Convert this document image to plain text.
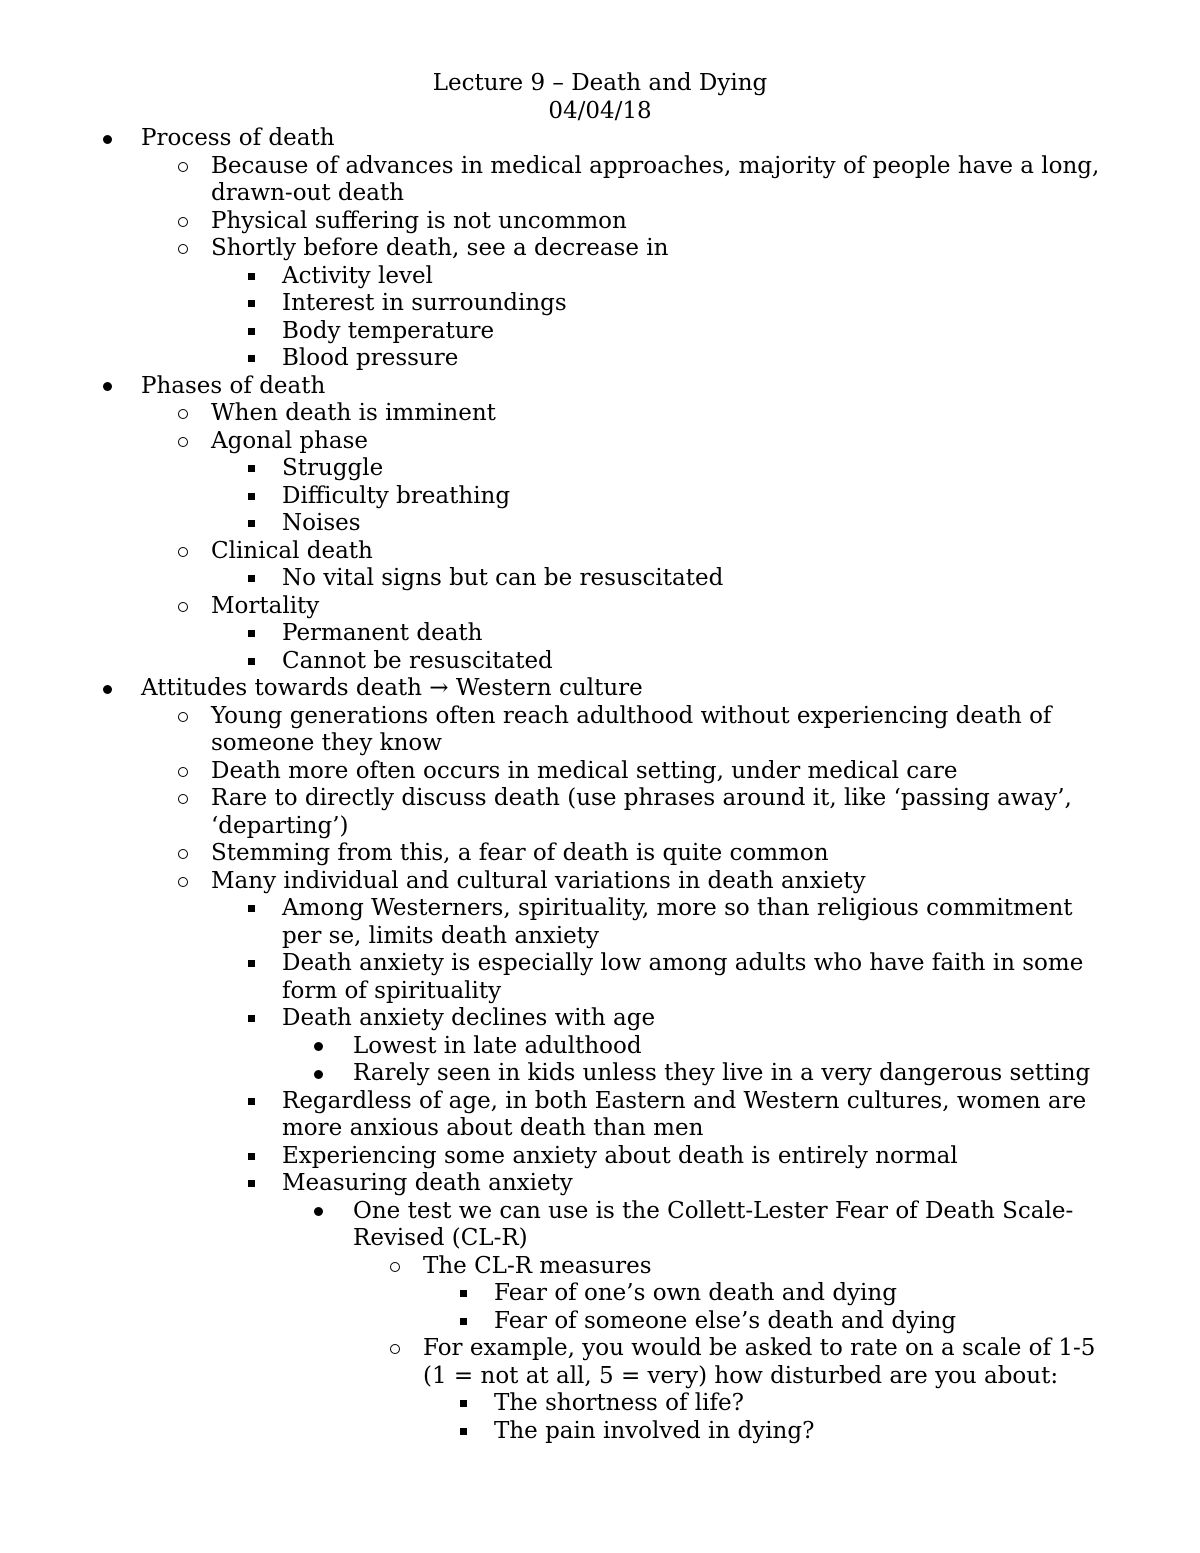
Lecture 9 – Death and Dying
04/04/18
Process of death
Because of advances in medical approaches, majority of people have a long, drawn-out death
Physical suffering is not uncommon
Shortly before death, see a decrease in
Activity level
Interest in surroundings
Body temperature
Blood pressure
Phases of death
When death is imminent
Agonal phase
Struggle
Difficulty breathing
Noises
Clinical death
No vital signs but can be resuscitated
Mortality
Permanent death
Cannot be resuscitated
Attitudes towards death → Western culture
Young generations often reach adulthood without experiencing death of someone they know
Death more often occurs in medical setting, under medical care
Rare to directly discuss death (use phrases around it, like ‘passing away’, ‘departing’)
Stemming from this, a fear of death is quite common
Many individual and cultural variations in death anxiety
Among Westerners, spirituality, more so than religious commitment per se, limits death anxiety
Death anxiety is especially low among adults who have faith in some form of spirituality
Death anxiety declines with age
Lowest in late adulthood
Rarely seen in kids unless they live in a very dangerous setting
Regardless of age, in both Eastern and Western cultures, women are more anxious about death than men
Experiencing some anxiety about death is entirely normal
Measuring death anxiety
One test we can use is the Collett-Lester Fear of Death Scale-Revised (CL-R)
The CL-R measures
Fear of one’s own death and dying
Fear of someone else’s death and dying
For example, you would be asked to rate on a scale of 1-5 (1 = not at all, 5 = very) how disturbed are you about:
The shortness of life?
The pain involved in dying?
